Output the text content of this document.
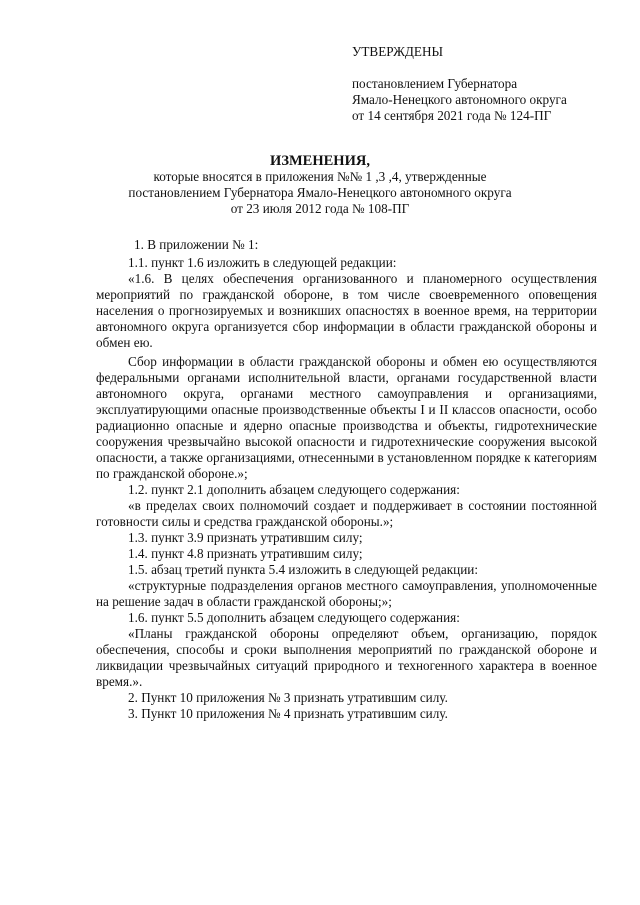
УТВЕРЖДЕНЫ
постановлением Губернатора
Ямало-Ненецкого автономного округа
от 14 сентября 2021 года № 124-ПГ
ИЗМЕНЕНИЯ,
которые вносятся в приложения №№ 1 ,3 ,4, утвержденные
постановлением Губернатора Ямало-Ненецкого автономного округа
от 23 июля 2012 года № 108-ПГ

1. В приложении № 1:

1.1. пункт 1.6 изложить в следующей редакции:

«1.6. В целях обеспечения организованного и планомерного осуществления мероприятий по гражданской обороне, в том числе своевременного оповещения населения о прогнозируемых и возникших опасностях в военное время, на территории автономного округа организуется сбор информации в области гражданской обороны и обмен ею.

Сбор информации в области гражданской обороны и обмен ею осуществляются федеральными органами исполнительной власти, органами государственной власти автономного округа, органами местного самоуправления и организациями, эксплуатирующими опасные производственные объекты I и II классов опасности, особо радиационно опасные и ядерно опасные производства и объекты, гидротехнические сооружения чрезвычайно высокой опасности и гидротехнические сооружения высокой опасности, а также организациями, отнесенными в установленном порядке к категориям по гражданской обороне.»;

1.2. пункт 2.1 дополнить абзацем следующего содержания:

«в пределах своих полномочий создает и поддерживает в состоянии постоянной готовности силы и средства гражданской обороны.»;

1.3. пункт 3.9 признать утратившим силу;

1.4. пункт 4.8 признать утратившим силу;

1.5. абзац третий пункта 5.4 изложить в следующей редакции:

«структурные подразделения органов местного самоуправления, уполномоченные на решение задач в области гражданской обороны;»;

1.6. пункт 5.5 дополнить абзацем следующего содержания:

«Планы гражданской обороны определяют объем, организацию, порядок обеспечения, способы и сроки выполнения мероприятий по гражданской обороне и ликвидации чрезвычайных ситуаций природного и техногенного характера в военное время.».

2. Пункт 10 приложения № 3 признать утратившим силу.

3. Пункт 10 приложения № 4 признать утратившим силу.
